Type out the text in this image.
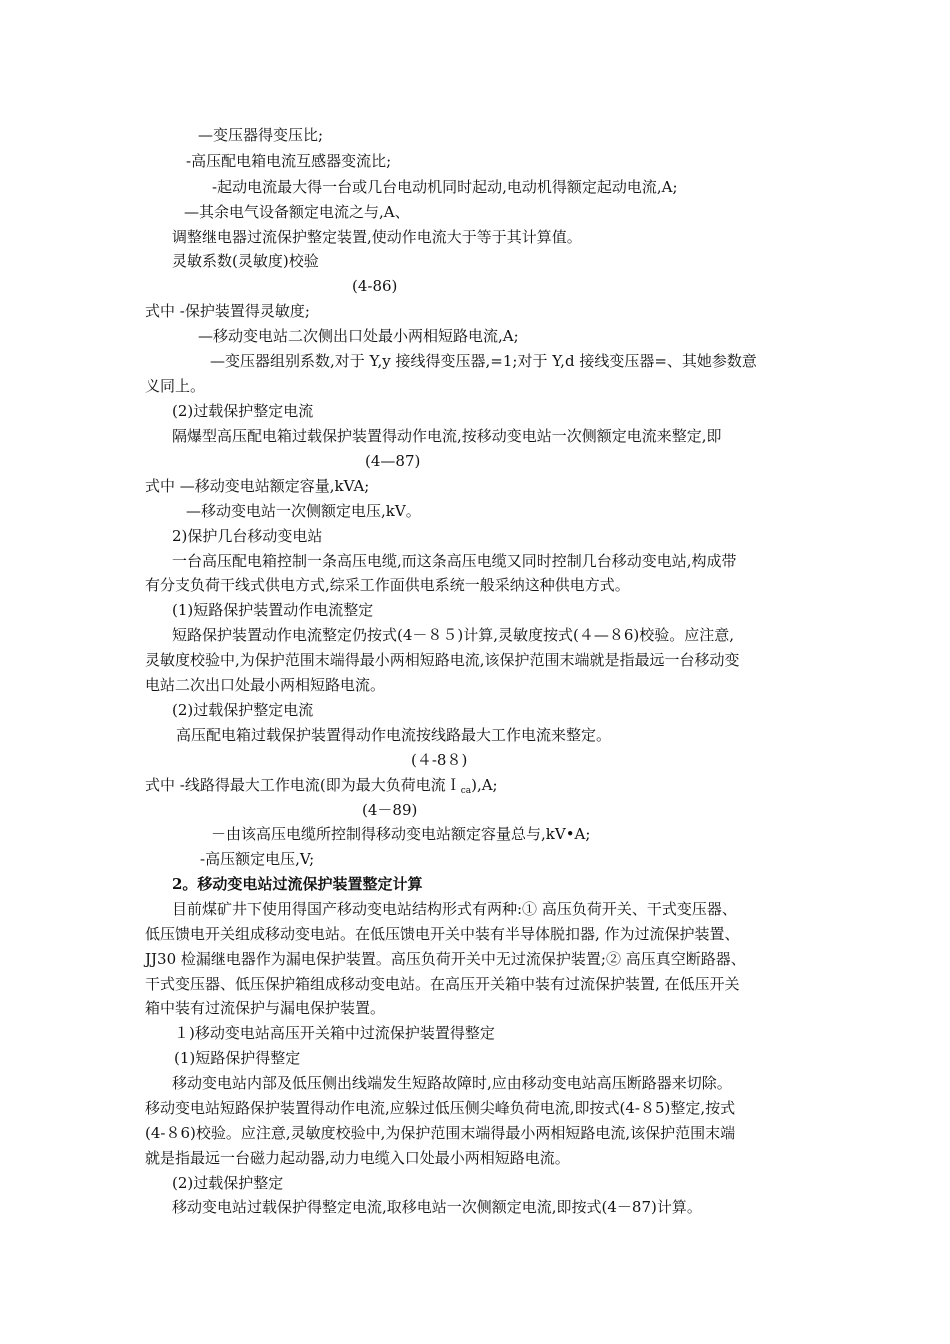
—变压器得变压比;
-高压配电箱电流互感器变流比;
-起动电流最大得一台或几台电动机同时起动,电动机得额定起动电流,A;
—其余电气设备额定电流之与,A、
调整继电器过流保护整定装置,使动作电流大于等于其计算值。
灵敏系数(灵敏度)校验
(4-86)
式中 -保护装置得灵敏度;
—移动变电站二次侧出口处最小两相短路电流,A;
—变压器组别系数,对于 Y,y 接线得变压器,=1;对于 Y,d 接线变压器=、其她参数意
义同上。
(2)过载保护整定电流
隔爆型高压配电箱过载保护装置得动作电流,按移动变电站一次侧额定电流来整定,即
(4—87)
式中 —移动变电站额定容量,kVA;
—移动变电站一次侧额定电压,kV。
2)保护几台移动变电站
一台高压配电箱控制一条高压电缆,而这条高压电缆又同时控制几台移动变电站,构成带
有分支负荷干线式供电方式,综采工作面供电系统一般采纳这种供电方式。
(1)短路保护装置动作电流整定
短路保护装置动作电流整定仍按式(4－８５)计算,灵敏度按式(４—８6)校验。应注意,
灵敏度校验中,为保护范围末端得最小两相短路电流,该保护范围末端就是指最远一台移动变
电站二次出口处最小两相短路电流。
(2)过载保护整定电流
高压配电箱过载保护装置得动作电流按线路最大工作电流来整定。
(４-8８)
式中 -线路得最大工作电流(即为最大负荷电流Ｉ$_{ca}$),A;
(4－89)
－由该高压电缆所控制得移动变电站额定容量总与,kV•A;
-高压额定电压,V;
2。移动变电站过流保护装置整定计算
目前煤矿井下使用得国产移动变电站结构形式有两种:① 高压负荷开关、干式变压器、
低压馈电开关组成移动变电站。在低压馈电开关中装有半导体脱扣器, 作为过流保护装置、
JJ30 检漏继电器作为漏电保护装置。高压负荷开关中无过流保护装置;② 高压真空断路器、
干式变压器、低压保护箱组成移动变电站。在高压开关箱中装有过流保护装置, 在低压开关
箱中装有过流保护与漏电保护装置。
１)移动变电站高压开关箱中过流保护装置得整定
(1)短路保护得整定
移动变电站内部及低压侧出线端发生短路故障时,应由移动变电站高压断路器来切除。
移动变电站短路保护装置得动作电流,应躲过低压侧尖峰负荷电流,即按式(4-８5)整定,按式
(4-８6)校验。应注意,灵敏度校验中,为保护范围末端得最小两相短路电流,该保护范围末端
就是指最远一台磁力起动器,动力电缆入口处最小两相短路电流。
(2)过载保护整定
移动变电站过载保护得整定电流,取移电站一次侧额定电流,即按式(4－87)计算。
